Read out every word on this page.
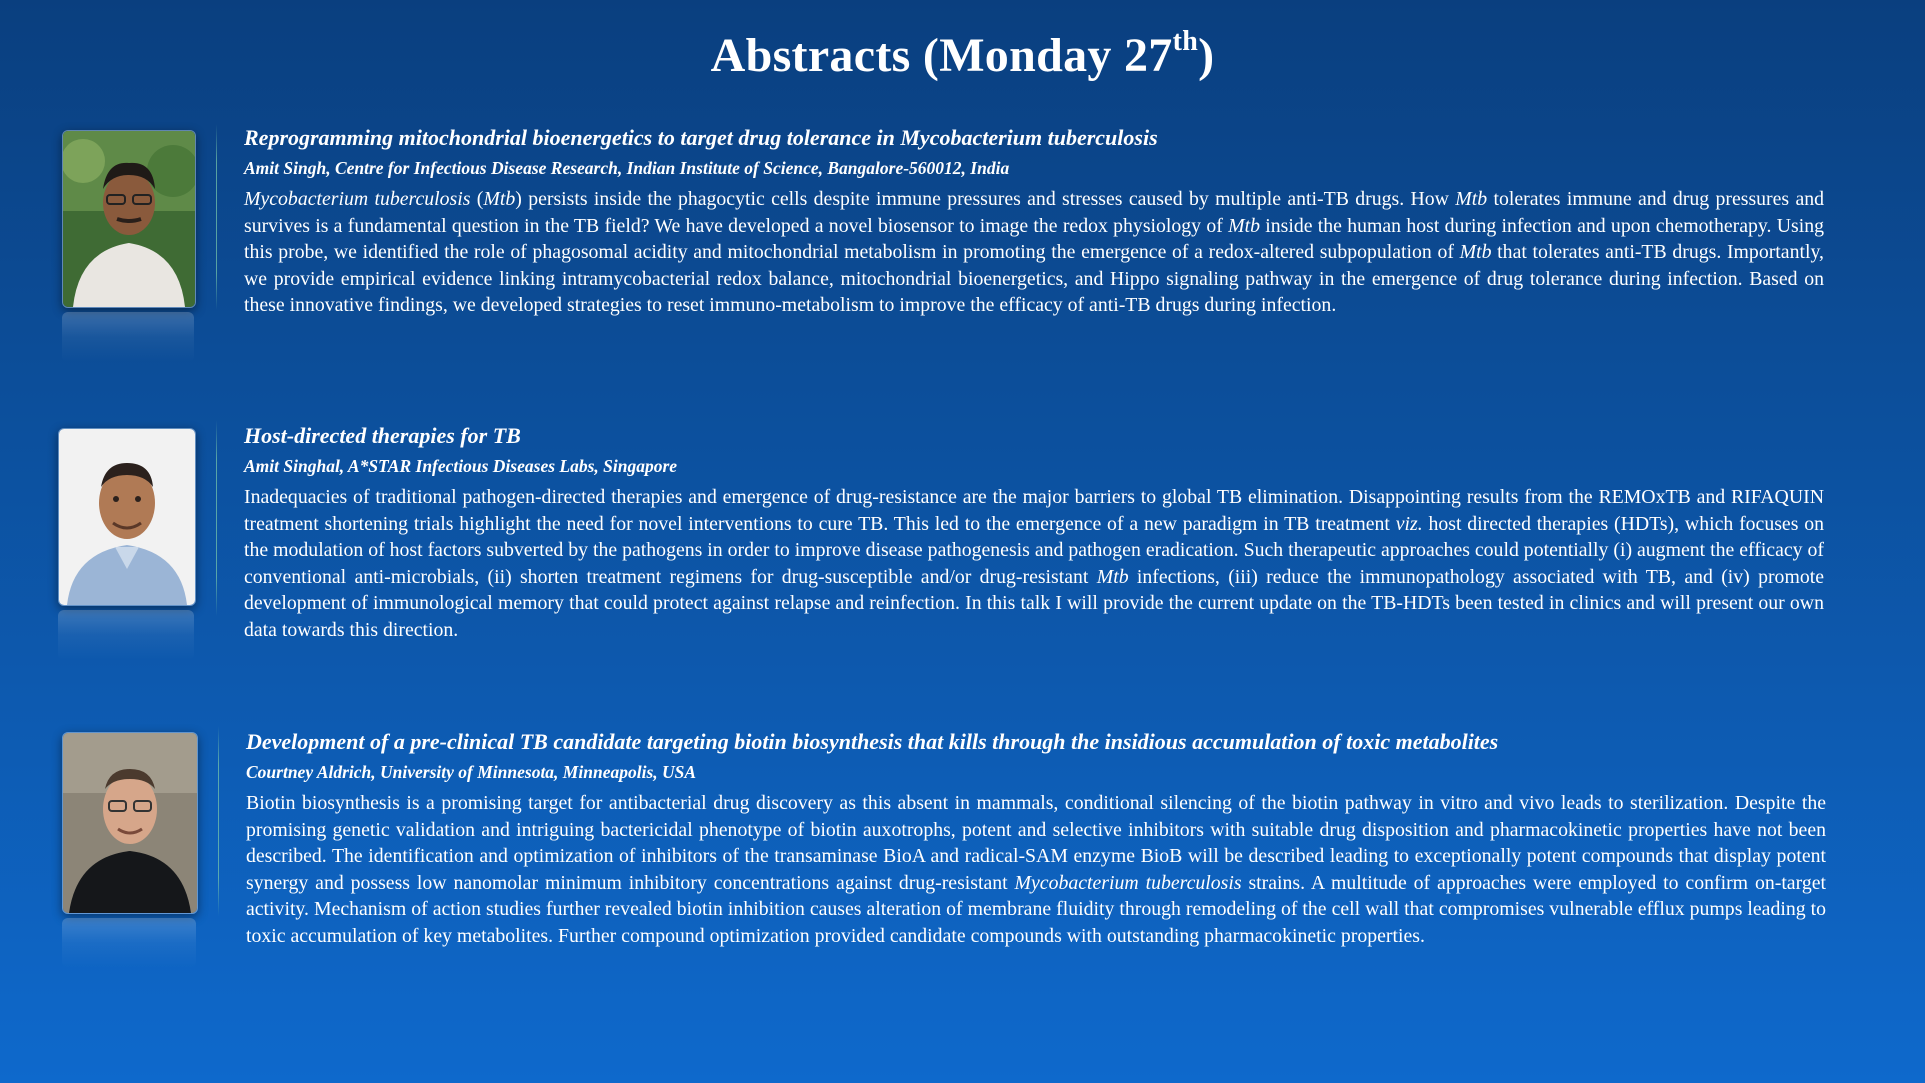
Abstracts (Monday 27th)

Reprogramming mitochondrial bioenergetics to target drug tolerance in Mycobacterium tuberculosis

Amit Singh, Centre for Infectious Disease Research, Indian Institute of Science, Bangalore-560012, India

Mycobacterium tuberculosis (Mtb) persists inside the phagocytic cells despite immune pressures and stresses caused by multiple anti-TB drugs. How Mtb tolerates immune and drug pressures and survives is a fundamental question in the TB field? We have developed a novel biosensor to image the redox physiology of Mtb inside the human host during infection and upon chemotherapy. Using this probe, we identified the role of phagosomal acidity and mitochondrial metabolism in promoting the emergence of a redox-altered subpopulation of Mtb that tolerates anti-TB drugs. Importantly, we provide empirical evidence linking intramycobacterial redox balance, mitochondrial bioenergetics, and Hippo signaling pathway in the emergence of drug tolerance during infection. Based on these innovative findings, we developed strategies to reset immuno-metabolism to improve the efficacy of anti-TB drugs during infection.

Host-directed therapies for TB

Amit Singhal, A*STAR Infectious Diseases Labs, Singapore

Inadequacies of traditional pathogen-directed therapies and emergence of drug-resistance are the major barriers to global TB elimination. Disappointing results from the REMOxTB and RIFAQUIN treatment shortening trials highlight the need for novel interventions to cure TB. This led to the emergence of a new paradigm in TB treatment viz. host directed therapies (HDTs), which focuses on the modulation of host factors subverted by the pathogens in order to improve disease pathogenesis and pathogen eradication. Such therapeutic approaches could potentially (i) augment the efficacy of conventional anti-microbials, (ii) shorten treatment regimens for drug-susceptible and/or drug-resistant Mtb infections, (iii) reduce the immunopathology associated with TB, and (iv) promote development of immunological memory that could protect against relapse and reinfection. In this talk I will provide the current update on the TB-HDTs been tested in clinics and will present our own data towards this direction.

Development of a pre-clinical TB candidate targeting biotin biosynthesis that kills through the insidious accumulation of toxic metabolites

Courtney Aldrich, University of Minnesota, Minneapolis, USA

Biotin biosynthesis is a promising target for antibacterial drug discovery as this absent in mammals, conditional silencing of the biotin pathway in vitro and vivo leads to sterilization. Despite the promising genetic validation and intriguing bactericidal phenotype of biotin auxotrophs, potent and selective inhibitors with suitable drug disposition and pharmacokinetic properties have not been described. The identification and optimization of inhibitors of the transaminase BioA and radical-SAM enzyme BioB will be described leading to exceptionally potent compounds that display potent synergy and possess low nanomolar minimum inhibitory concentrations against drug-resistant Mycobacterium tuberculosis strains. A multitude of approaches were employed to confirm on-target activity. Mechanism of action studies further revealed biotin inhibition causes alteration of membrane fluidity through remodeling of the cell wall that compromises vulnerable efflux pumps leading to toxic accumulation of key metabolites. Further compound optimization provided candidate compounds with outstanding pharmacokinetic properties.
